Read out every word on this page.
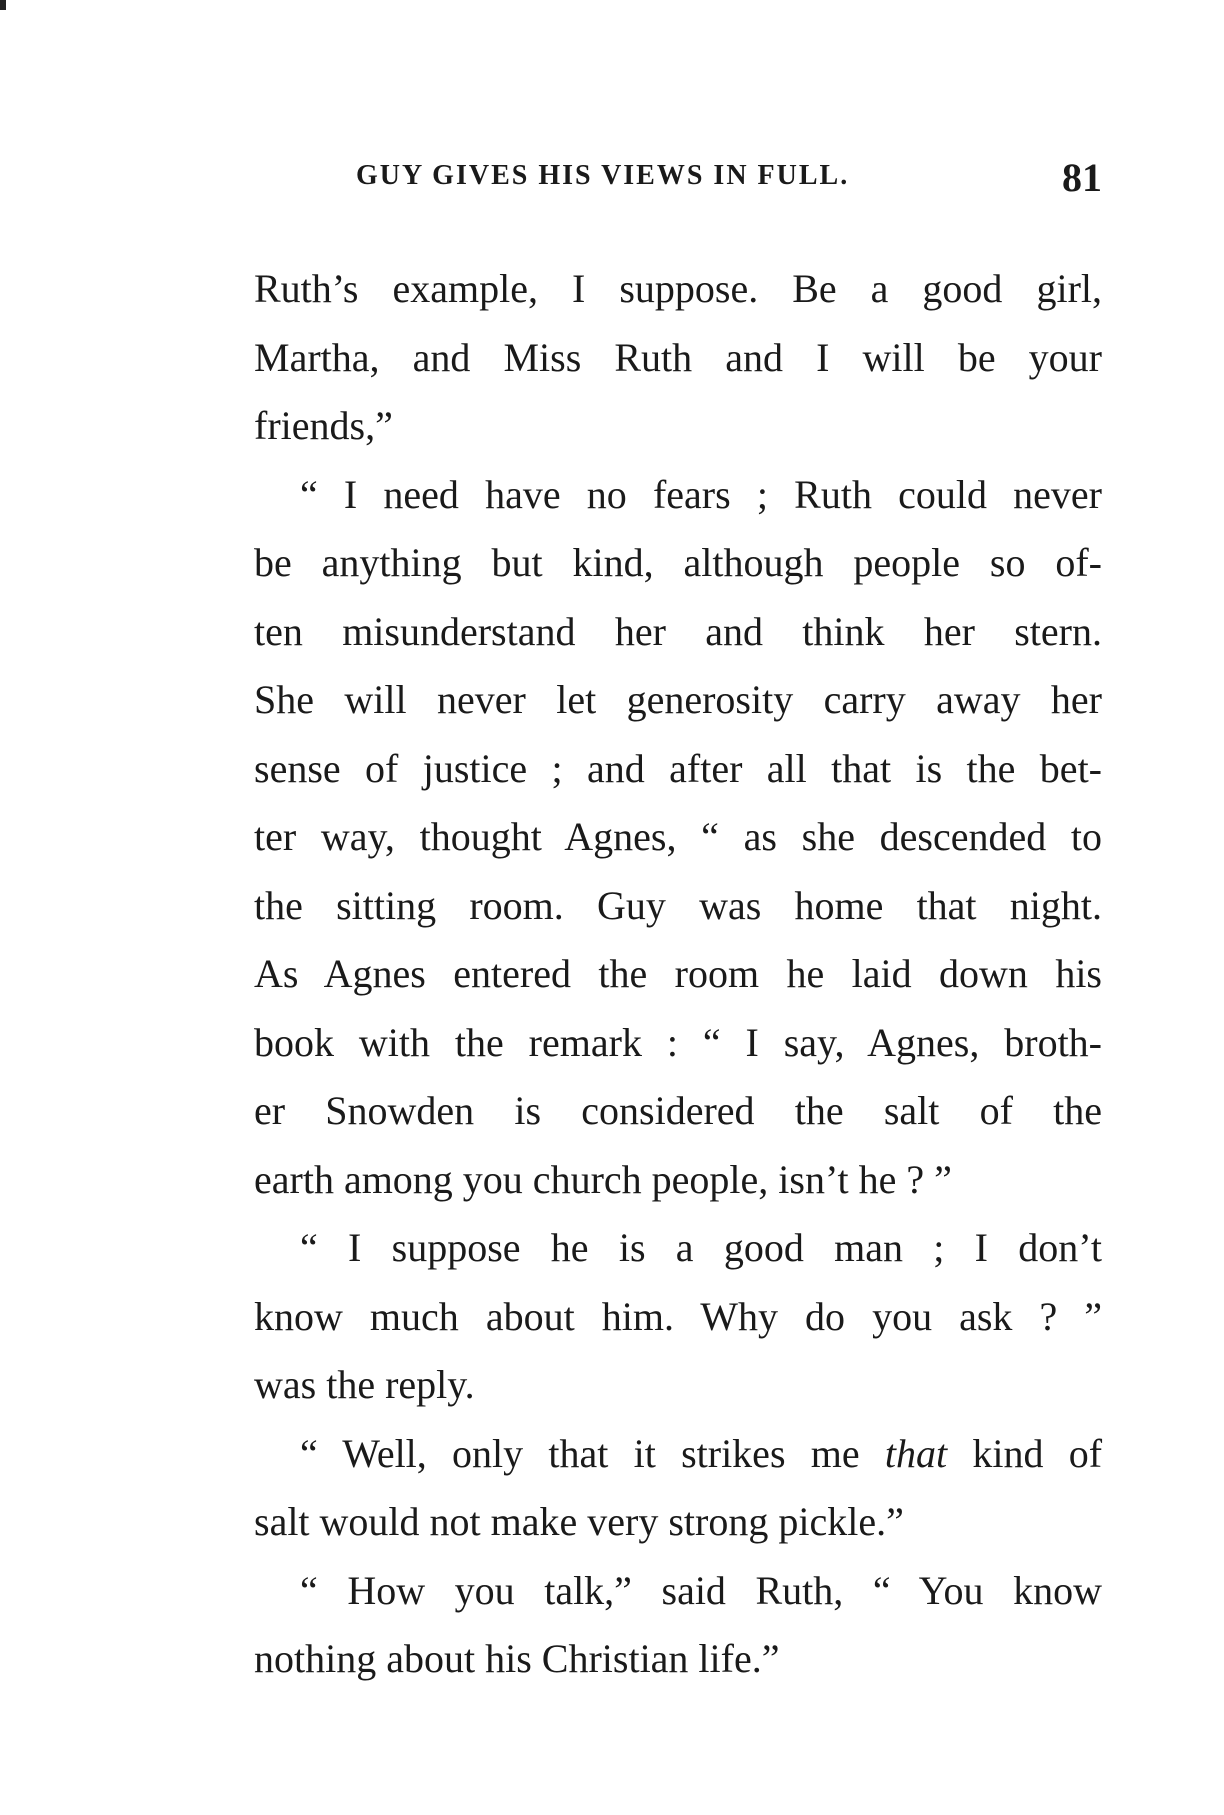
GUY GIVES HIS VIEWS IN FULL.	81
Ruth’s example, I suppose. Be a good girl,
Martha, and Miss Ruth and I will be your
friends,”
“ I need have no fears ; Ruth could never
be anything but kind, although people so of-
ten misunderstand her and think her stern.
She will never let generosity carry away her
sense of justice ; and after all that is the bet-
ter way, thought Agnes, “ as she descended to
the sitting room. Guy was home that night.
As Agnes entered the room he laid down his
book with the remark : “ I say, Agnes, broth-
er Snowden is considered the salt of the
earth among you church people, isn’t he ? ”
“ I suppose he is a good man ; I don’t
know much about him. Why do you ask ? ”
was the reply.
“ Well, only that it strikes me that kind of
salt would not make very strong pickle.”
“ How you talk,” said Ruth, “ You know
nothing about his Christian life.”
